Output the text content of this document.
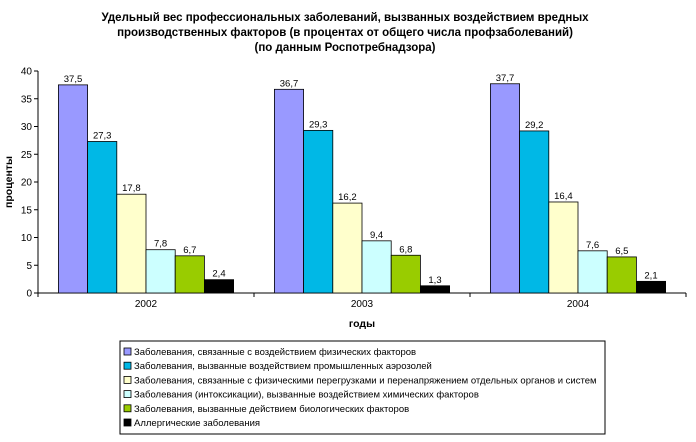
Удельный вес профессиональных заболеваний, вызванных воздействием вредных
производственных факторов (в процентах от общего числа профзаболеваний)
(по данным Роспотребнадзора)
0
5
10
15
20
25
30
35
40
37,5
27,3
17,8
7,8
6,7
2,4
2002
36,7
29,3
16,2
9,4
6,8
1,3
2003
37,7
29,2
16,4
7,6
6,5
2,1
2004
проценты
годы
Заболевания, связанные с воздействием физических факторов
Заболевания, вызванные воздействием промышленных аэрозолей
Заболевания, связанные с физическими перегрузками и перенапряжением отдельных органов и систем
Заболевания (интоксикации), вызванные воздействием химических факторов
Заболевания, вызванные действием биологических факторов
Аллергические заболевания
